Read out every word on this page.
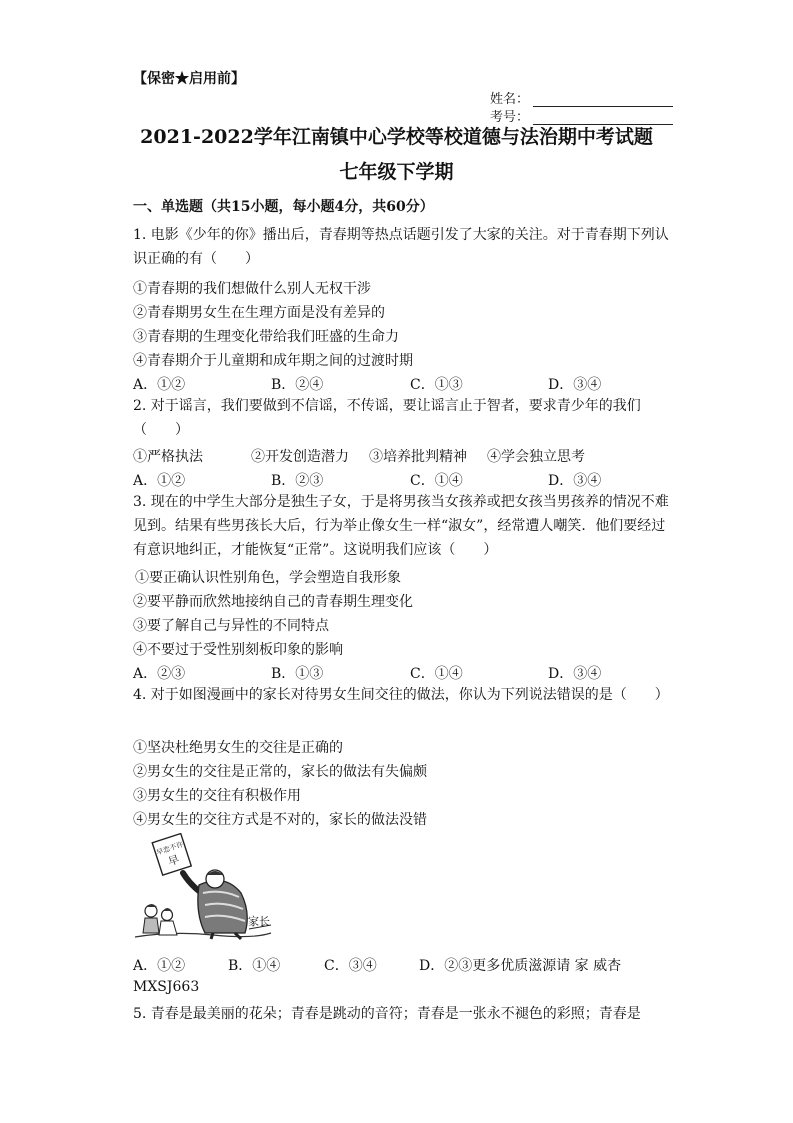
【保密★启用前】
姓名：
考号：
2021-2022学年江南镇中心学校等校道德与法治期中考试题
七年级下学期
一、单选题（共15小题，每小题4分，共60分）
1. 电影《少年的你》播出后，青春期等热点话题引发了大家的关注。对于青春期下列认识正确的有（　　）
①青春期的我们想做什么别人无权干涉
②青春期男女生在生理方面是没有差异的
③青春期的生理变化带给我们旺盛的生命力
④青春期介于儿童期和成年期之间的过渡时期
A．①②	B．②④	C．①③	D．③④
2. 对于谣言，我们要做到不信谣，不传谣，要让谣言止于智者，要求青少年的我们（　　）
①严格执法	②开发创造潜力 ③培养批判精神 ④学会独立思考
A．①②	B．②③	C．①④	D．③④
3. 现在的中学生大部分是独生子女，于是将男孩当女孩养或把女孩当男孩养的情况不难见到。结果有些男孩长大后，行为举止像女生一样“淑女”，经常遭人嘲笑．他们要经过有意识地纠正，才能恢复“正常”。这说明我们应该（　　）
①要正确认识性别角色，学会塑造自我形象
②要平静而欣然地接纳自己的青春期生理变化
③要了解自己与异性的不同特点
④不要过于受性别刻板印象的影响
A．②③	B．①③	C．①④	D．③④
4. 对于如图漫画中的家长对待男女生间交往的做法，你认为下列说法错误的是（　　）
①坚决杜绝男女生的交往是正确的
②男女生的交往是正常的，家长的做法有失偏颇
③男女生的交往有积极作用
④男女生的交往方式是不对的，家长的做法没错
早恋不许
早
家长
A．①②	B．①④	C．③④	D．②③更多优质滋源请 家 威杏
MXSJ663
5. 青春是最美丽的花朵；青春是跳动的音符；青春是一张永不褪色的彩照；青春是
